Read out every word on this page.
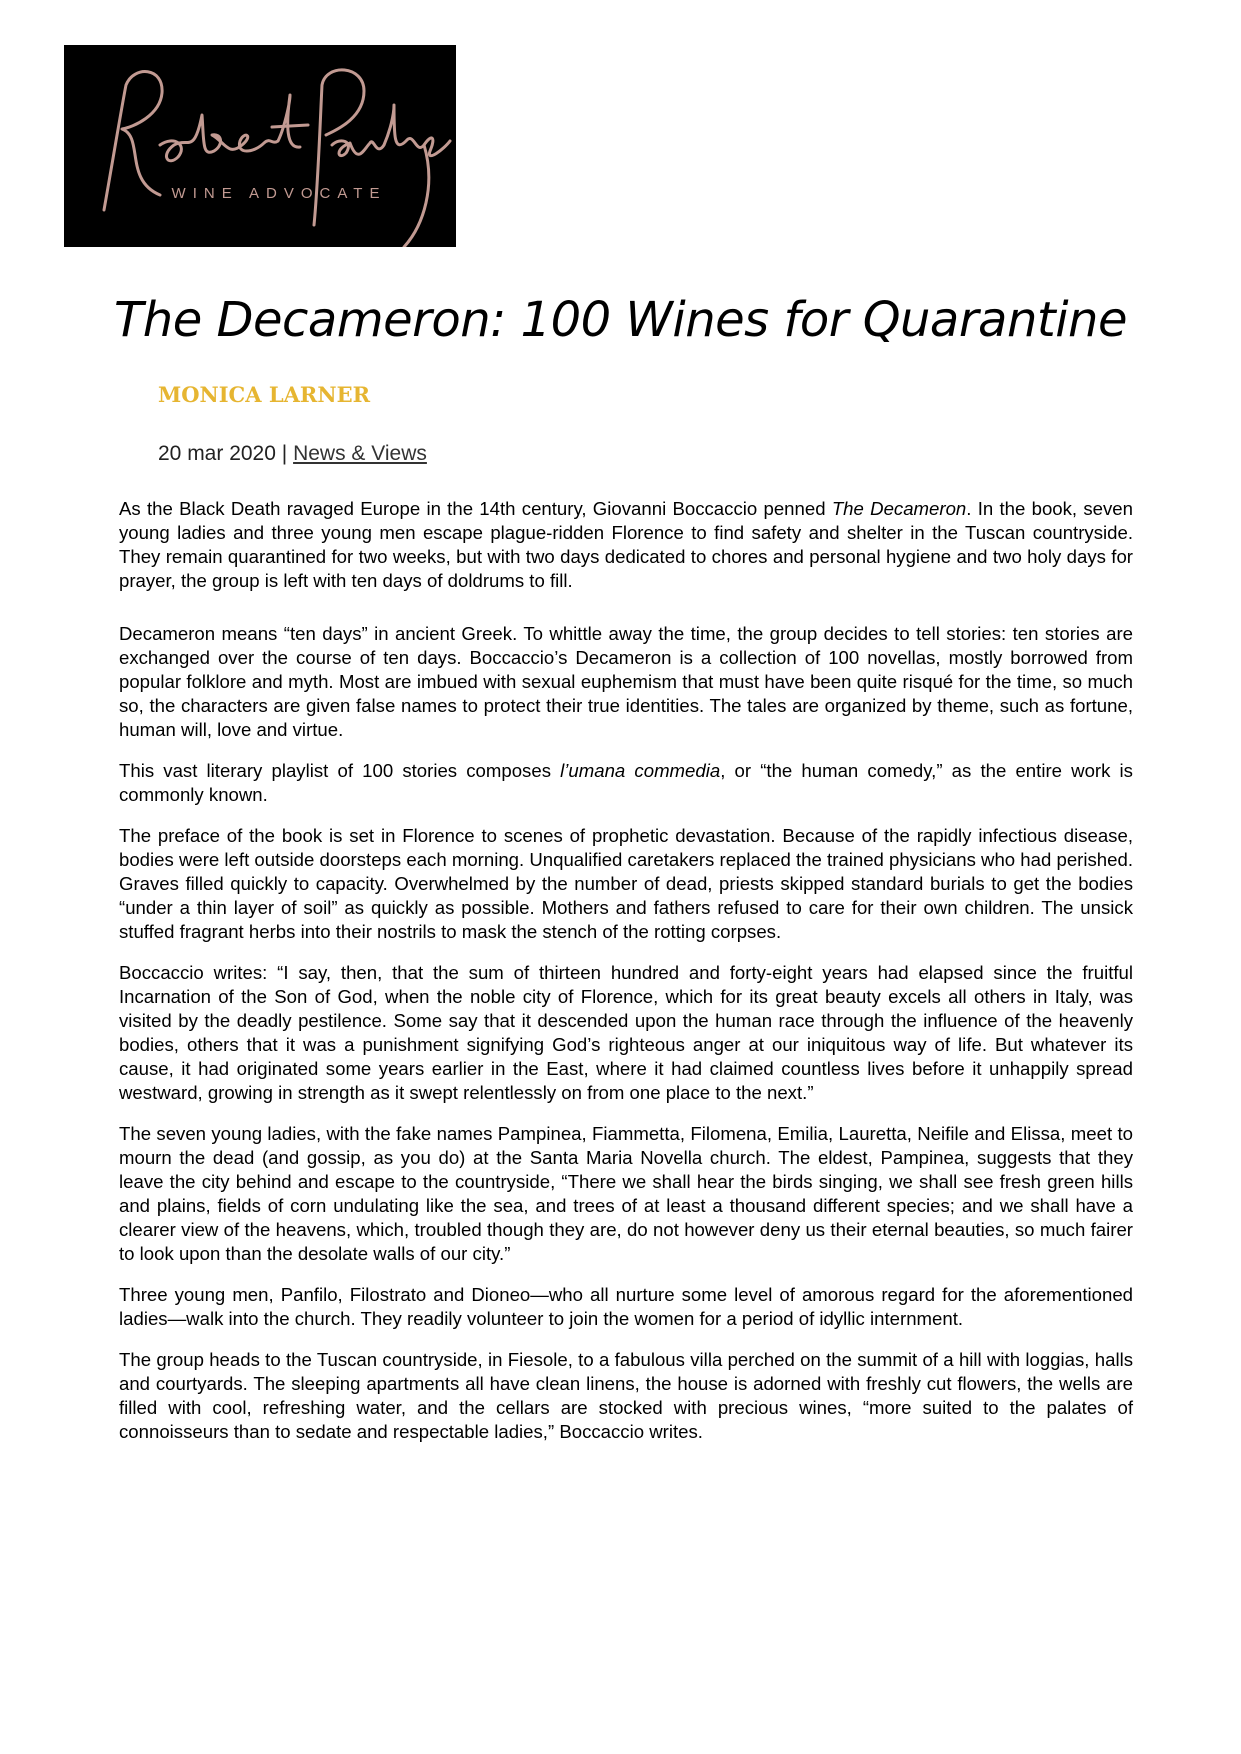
WINE ADVOCATE
The Decameron: 100 Wines for Quarantine
MONICA LARNER
20 mar 2020 | News & Views

As the Black Death ravaged Europe in the 14th century, Giovanni Boccaccio penned The Decameron. In the book, seven young ladies and three young men escape plague-ridden Florence to find safety and shelter in the Tuscan countryside. They remain quarantined for two weeks, but with two days dedicated to chores and personal hygiene and two holy days for prayer, the group is left with ten days of doldrums to fill.

Decameron means “ten days” in ancient Greek. To whittle away the time, the group decides to tell stories: ten stories are exchanged over the course of ten days. Boccaccio’s Decameron is a collection of 100 novellas, mostly borrowed from popular folklore and myth. Most are imbued with sexual euphemism that must have been quite risqué for the time, so much so, the characters are given false names to protect their true identities. The tales are organized by theme, such as fortune, human will, love and virtue.

This vast literary playlist of 100 stories composes l’umana commedia, or “the human comedy,” as the entire work is commonly known.

The preface of the book is set in Florence to scenes of prophetic devastation. Because of the rapidly infectious disease, bodies were left outside doorsteps each morning. Unqualified caretakers replaced the trained physicians who had perished. Graves filled quickly to capacity. Overwhelmed by the number of dead, priests skipped standard burials to get the bodies “under a thin layer of soil” as quickly as possible. Mothers and fathers refused to care for their own children. The unsick stuffed fragrant herbs into their nostrils to mask the stench of the rotting corpses.

Boccaccio writes: “I say, then, that the sum of thirteen hundred and forty-eight years had elapsed since the fruitful Incarnation of the Son of God, when the noble city of Florence, which for its great beauty excels all others in Italy, was visited by the deadly pestilence. Some say that it descended upon the human race through the influence of the heavenly bodies, others that it was a punishment signifying God’s righteous anger at our iniquitous way of life. But whatever its cause, it had originated some years earlier in the East, where it had claimed countless lives before it unhappily spread westward, growing in strength as it swept relentlessly on from one place to the next.”

The seven young ladies, with the fake names Pampinea, Fiammetta, Filomena, Emilia, Lauretta, Neifile and Elissa, meet to mourn the dead (and gossip, as you do) at the Santa Maria Novella church. The eldest, Pampinea, suggests that they leave the city behind and escape to the countryside, “There we shall hear the birds singing, we shall see fresh green hills and plains, fields of corn undulating like the sea, and trees of at least a thousand different species; and we shall have a clearer view of the heavens, which, troubled though they are, do not however deny us their eternal beauties, so much fairer to look upon than the desolate walls of our city.”

Three young men, Panfilo, Filostrato and Dioneo—who all nurture some level of amorous regard for the aforementioned ladies—walk into the church. They readily volunteer to join the women for a period of idyllic internment.

The group heads to the Tuscan countryside, in Fiesole, to a fabulous villa perched on the summit of a hill with loggias, halls and courtyards. The sleeping apartments all have clean linens, the house is adorned with freshly cut flowers, the wells are filled with cool, refreshing water, and the cellars are stocked with precious wines, “more suited to the palates of connoisseurs than to sedate and respectable ladies,” Boccaccio writes.
